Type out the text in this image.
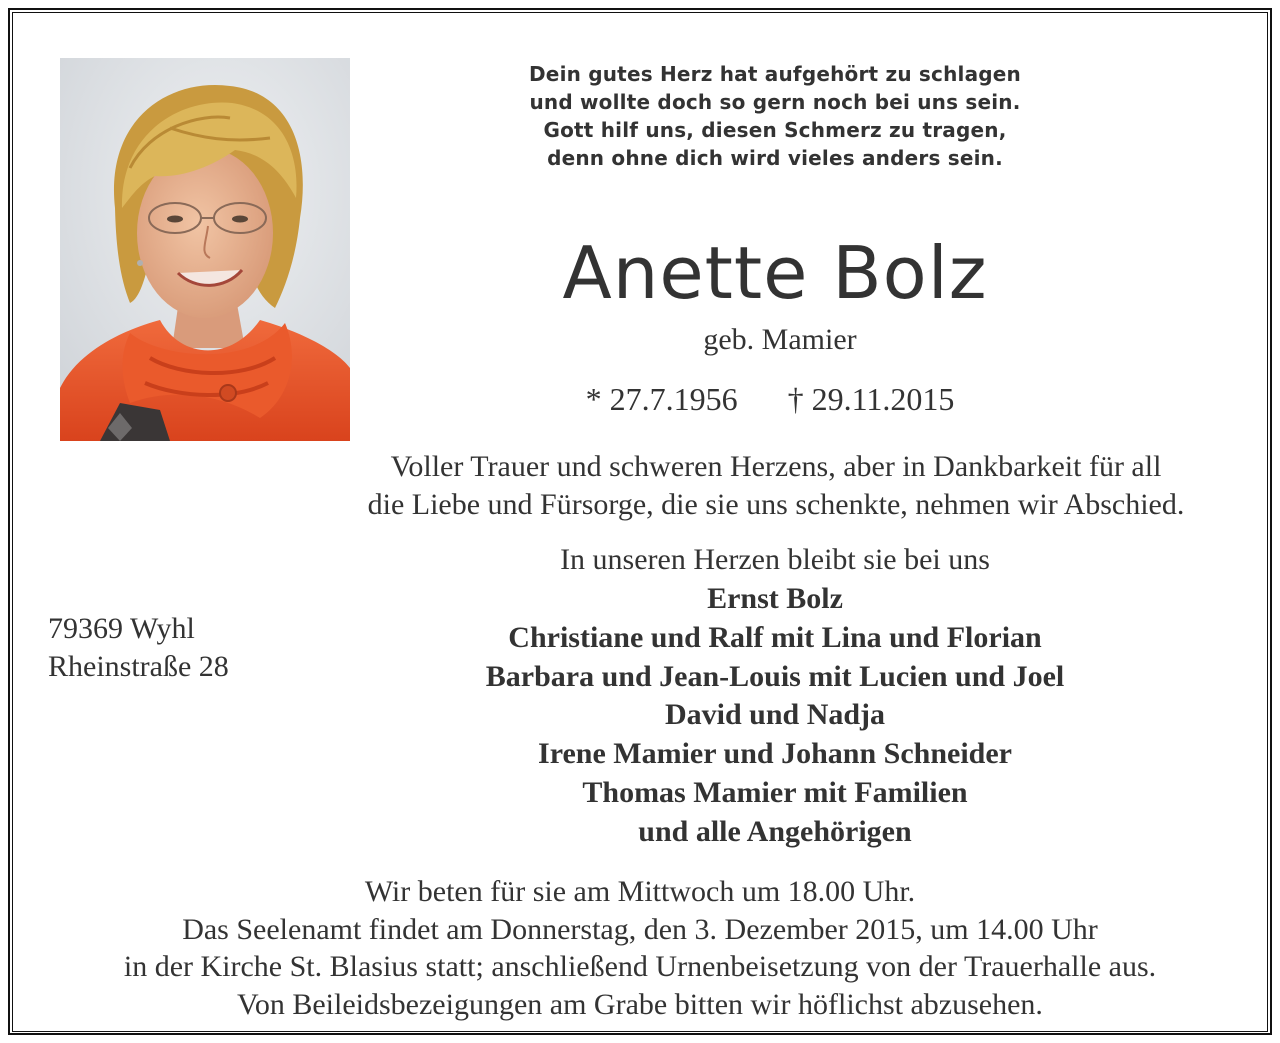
Dein gutes Herz hat aufgehört zu schlagen
und wollte doch so gern noch bei uns sein.
Gott hilf uns, diesen Schmerz zu tragen,
denn ohne dich wird vieles anders sein.
Anette Bolz
geb. Mamier
* 27.7.1956 † 29.11.2015
Voller Trauer und schweren Herzens, aber in Dankbarkeit für all
die Liebe und Fürsorge, die sie uns schenkte, nehmen wir Abschied.
In unseren Herzen bleibt sie bei uns
Ernst Bolz
Christiane und Ralf mit Lina und Florian
Barbara und Jean-Louis mit Lucien und Joel
David und Nadja
Irene Mamier und Johann Schneider
Thomas Mamier mit Familien
und alle Angehörigen
79369 Wyhl
Rheinstraße 28
Wir beten für sie am Mittwoch um 18.00 Uhr.
Das Seelenamt findet am Donnerstag, den 3. Dezember 2015, um 14.00 Uhr
in der Kirche St. Blasius statt; anschließend Urnenbeisetzung von der Trauerhalle aus.
Von Beileidsbezeigungen am Grabe bitten wir höflichst abzusehen.
